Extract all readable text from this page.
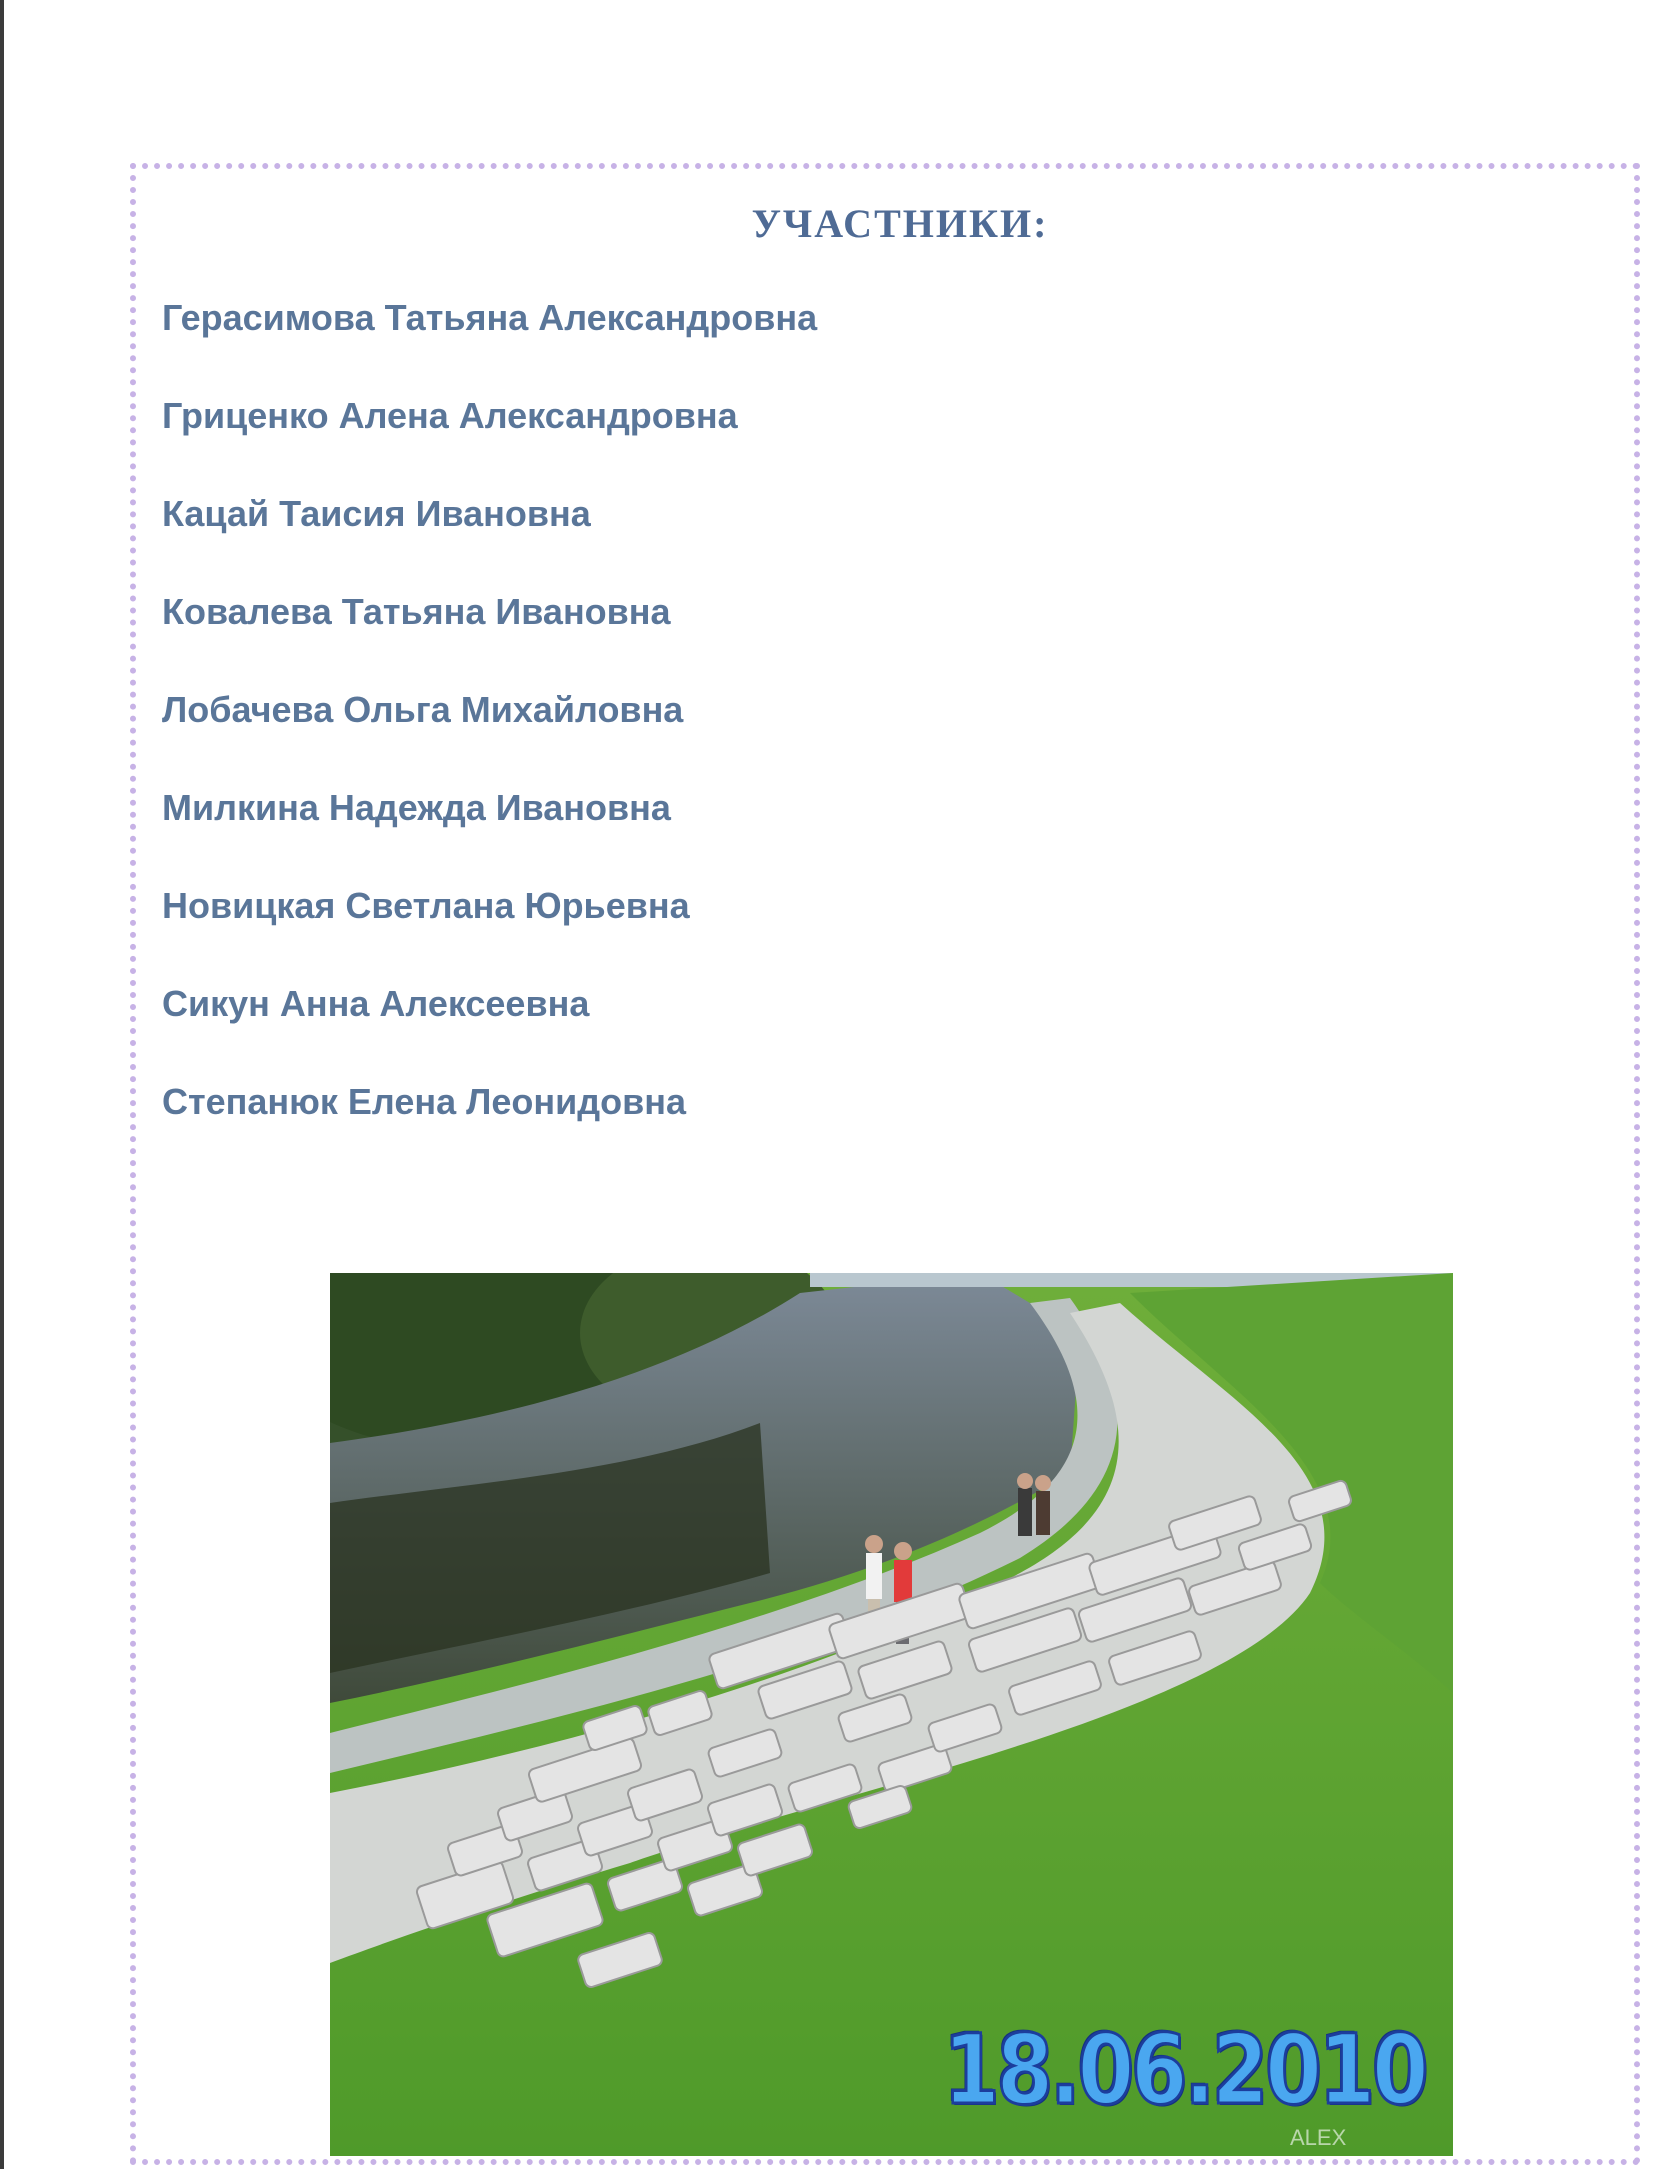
УЧАСТНИКИ:
Герасимова Татьяна Александровна
Гриценко Алена Александровна
Кацай Таисия Ивановна
Ковалева Татьяна Ивановна
Лобачева Ольга Михайловна
Милкина Надежда Ивановна
Новицкая Светлана Юрьевна
Сикун Анна Алексеевна
Степанюк Елена Леонидовна
ALEX
18.06.2010
